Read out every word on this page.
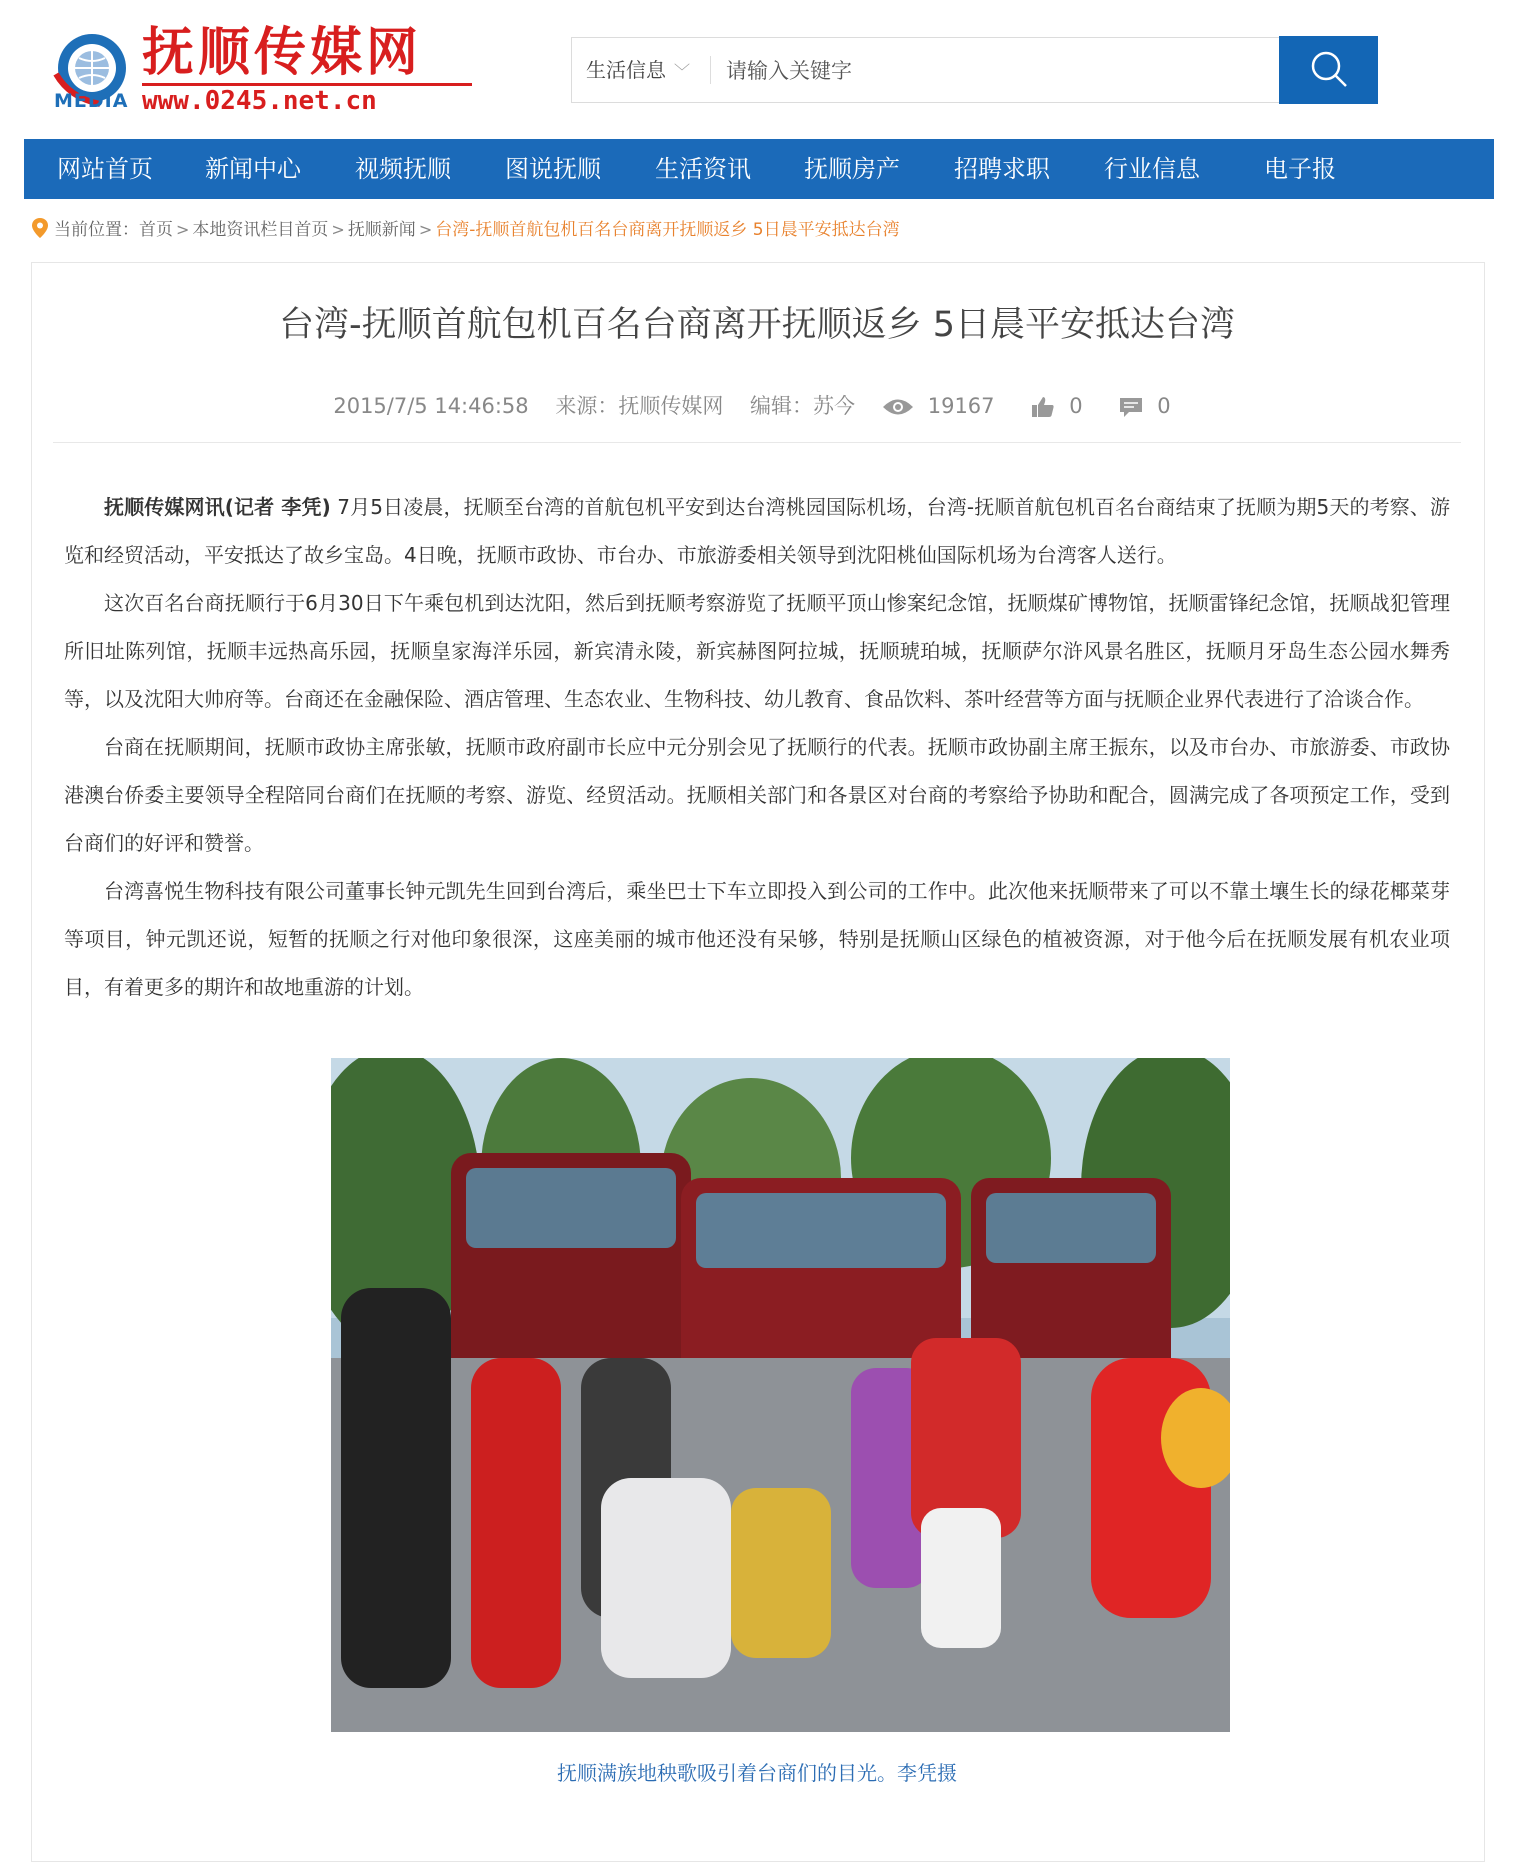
抚顺传媒网
MEDIA www.0245.net.cn
生活信息 ﹀
请输入关键字
网站首页 新闻中心 视频抚顺 图说抚顺 生活资讯 抚顺房产 招聘求职 行业信息	电子报
当前位置：首页 > 本地资讯栏目首页 > 抚顺新闻 > 台湾-抚顺首航包机百名台商离开抚顺返乡 5日晨平安抵达台湾
台湾-抚顺首航包机百名台商离开抚顺返乡 5日晨平安抵达台湾
2015/7/5 14:46:58 来源：抚顺传媒网 编辑：苏今	19167	0	0

抚顺传媒网讯(记者 李凭) 7月5日凌晨，抚顺至台湾的首航包机平安到达台湾桃园国际机场，台湾-抚顺首航包机百名台商结束了抚顺为期5天的考察、游览和经贸活动，平安抵达了故乡宝岛。4日晚，抚顺市政协、市台办、市旅游委相关领导到沈阳桃仙国际机场为台湾客人送行。

这次百名台商抚顺行于6月30日下午乘包机到达沈阳，然后到抚顺考察游览了抚顺平顶山惨案纪念馆，抚顺煤矿博物馆，抚顺雷锋纪念馆，抚顺战犯管理所旧址陈列馆，抚顺丰远热高乐园，抚顺皇家海洋乐园，新宾清永陵，新宾赫图阿拉城，抚顺琥珀城，抚顺萨尔浒风景名胜区，抚顺月牙岛生态公园水舞秀等，以及沈阳大帅府等。台商还在金融保险、酒店管理、生态农业、生物科技、幼儿教育、食品饮料、茶叶经营等方面与抚顺企业界代表进行了洽谈合作。

台商在抚顺期间，抚顺市政协主席张敏，抚顺市政府副市长应中元分别会见了抚顺行的代表。抚顺市政协副主席王振东，以及市台办、市旅游委、市政协港澳台侨委主要领导全程陪同台商们在抚顺的考察、游览、经贸活动。抚顺相关部门和各景区对台商的考察给予协助和配合，圆满完成了各项预定工作，受到台商们的好评和赞誉。

台湾喜悦生物科技有限公司董事长钟元凯先生回到台湾后，乘坐巴士下车立即投入到公司的工作中。此次他来抚顺带来了可以不靠土壤生长的绿花椰菜芽等项目，钟元凯还说，短暂的抚顺之行对他印象很深，这座美丽的城市他还没有呆够，特别是抚顺山区绿色的植被资源，对于他今后在抚顺发展有机农业项目，有着更多的期许和故地重游的计划。

抚顺满族地秧歌吸引着台商们的目光。李凭摄
